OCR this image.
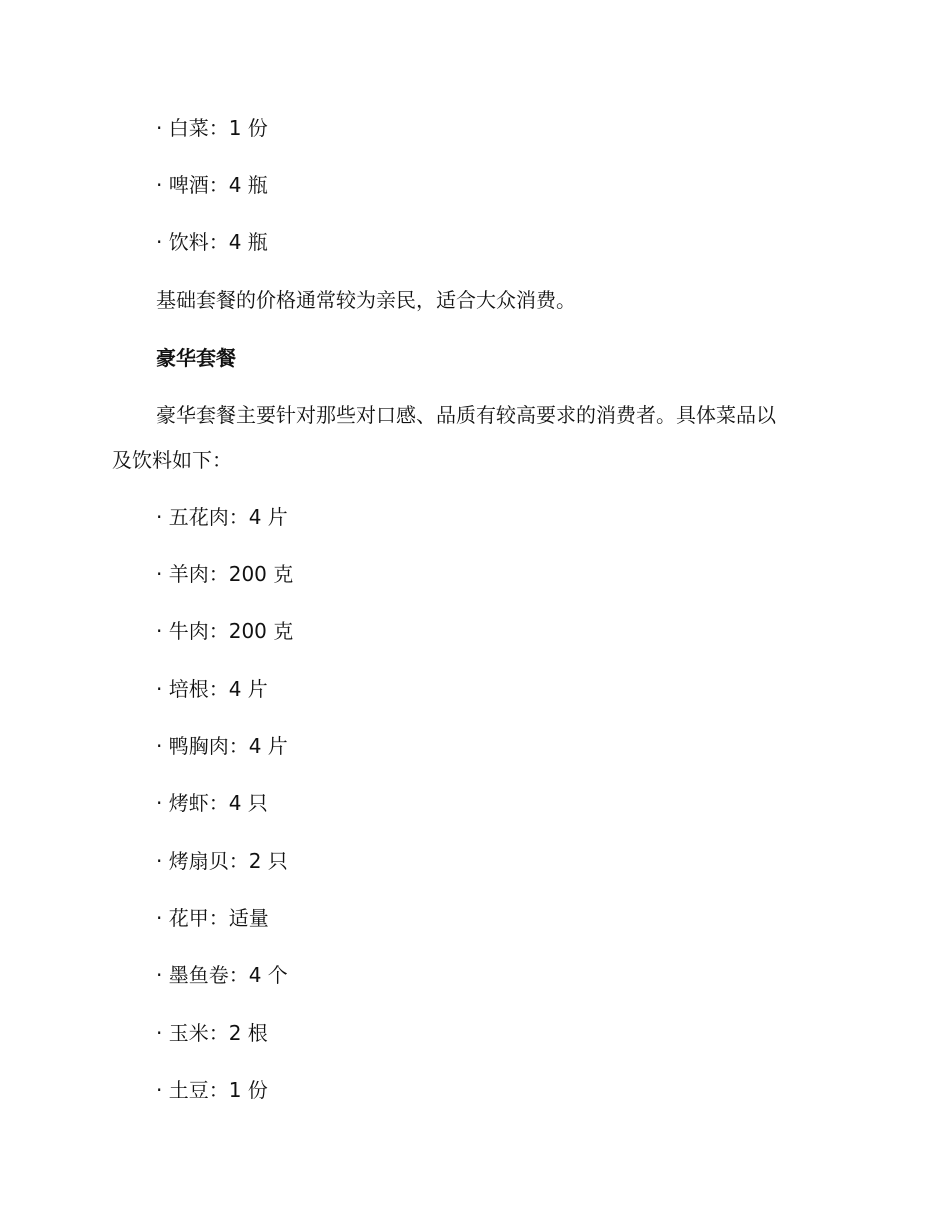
· 白菜：1 份
· 啤酒：4 瓶
· 饮料：4 瓶
基础套餐的价格通常较为亲民，适合大众消费。
豪华套餐
豪华套餐主要针对那些对口感、品质有较高要求的消费者。具体菜品以
及饮料如下：
· 五花肉：4 片
· 羊肉：200 克
· 牛肉：200 克
· 培根：4 片
· 鸭胸肉：4 片
· 烤虾：4 只
· 烤扇贝：2 只
· 花甲：适量
· 墨鱼卷：4 个
· 玉米：2 根
· 土豆：1 份
